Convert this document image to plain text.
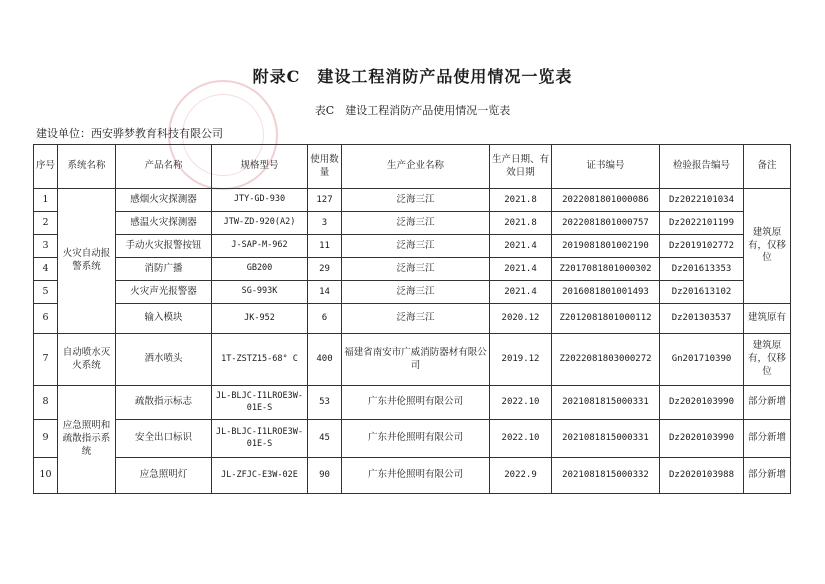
附录C　建设工程消防产品使用情况一览表
表C　建设工程消防产品使用情况一览表
建设单位：西安骅梦教育科技有限公司
序号	系统名称	产品名称	规格型号	使用数量	生产企业名称	生产日期、有效日期	证书编号	检验报告编号	备注
1	火灾自动报警系统	感烟火灾探测器	JTY-GD-930	127	泛海三江	2021.8	2022081801000086	Dz2022101034	建筑原有，仅移位
2		感温火灾探测器	JTW-ZD-920(A2)	3	泛海三江	2021.8	2022081801000757	Dz2022101199	
3		手动火灾报警按钮	J-SAP-M-962	11	泛海三江	2021.4	2019081801002190	Dz2019102772	
4		消防广播	GB200	29	泛海三江	2021.4	Z2017081801000302	Dz201613353	
5		火灾声光报警器	SG-993K	14	泛海三江	2021.4	2016081801001493	Dz201613102	
6		输入模块	JK-952	6	泛海三江	2020.12	Z2012081801000112	Dz201303537	建筑原有
7	自动喷水灭火系统	洒水喷头	1T-ZSTZ15-68° C	400	福建省南安市广威消防器材有限公司	2019.12	Z2022081803000272	Gn201710390	建筑原有，仅移位
8	应急照明和疏散指示系统	疏散指示标志	JL-BLJC-I1LROE3W-01E-S	53	广东井伦照明有限公司	2022.10	2021081815000331	Dz2020103990	部分新增
9		安全出口标识	JL-BLJC-I1LROE3W-01E-S	45	广东井伦照明有限公司	2022.10	2021081815000331	Dz2020103990	部分新增
10		应急照明灯	JL-ZFJC-E3W-02E	90	广东井伦照明有限公司	2022.9	2021081815000332	Dz2020103988	部分新增
